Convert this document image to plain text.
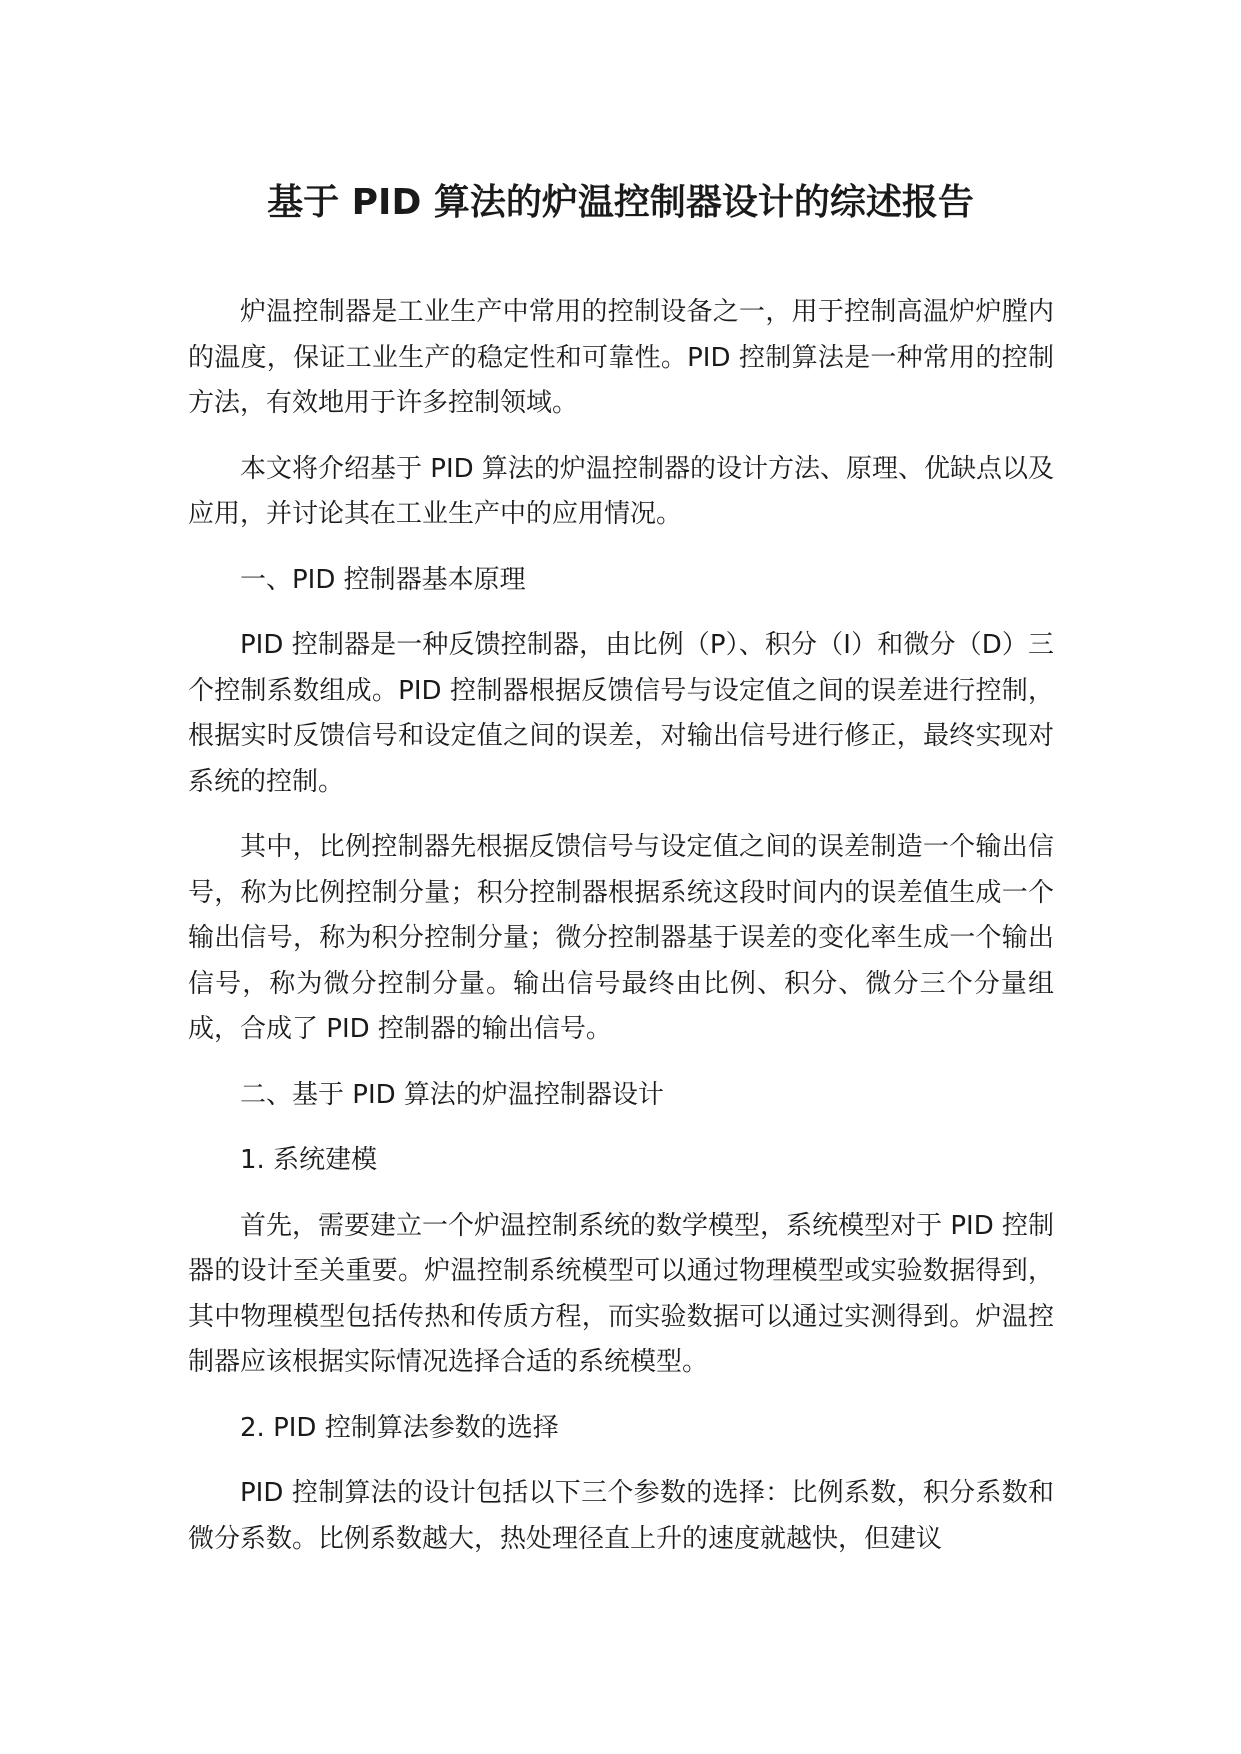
基于 PID 算法的炉温控制器设计的综述报告

炉温控制器是工业生产中常用的控制设备之一，用于控制高温炉炉膛内的温度，保证工业生产的稳定性和可靠性。PID 控制算法是一种常用的控制方法，有效地用于许多控制领域。

本文将介绍基于 PID 算法的炉温控制器的设计方法、原理、优缺点以及应用，并讨论其在工业生产中的应用情况。

一、PID 控制器基本原理

PID 控制器是一种反馈控制器，由比例（P）、积分（I）和微分（D）三个控制系数组成。PID 控制器根据反馈信号与设定值之间的误差进行控制，根据实时反馈信号和设定值之间的误差，对输出信号进行修正，最终实现对系统的控制。

其中，比例控制器先根据反馈信号与设定值之间的误差制造一个输出信号，称为比例控制分量；积分控制器根据系统这段时间内的误差值生成一个输出信号，称为积分控制分量；微分控制器基于误差的变化率生成一个输出信号，称为微分控制分量。输出信号最终由比例、积分、微分三个分量组成，合成了 PID 控制器的输出信号。

二、基于 PID 算法的炉温控制器设计

1. 系统建模

首先，需要建立一个炉温控制系统的数学模型，系统模型对于 PID 控制器的设计至关重要。炉温控制系统模型可以通过物理模型或实验数据得到，其中物理模型包括传热和传质方程，而实验数据可以通过实测得到。炉温控制器应该根据实际情况选择合适的系统模型。

2. PID 控制算法参数的选择

PID 控制算法的设计包括以下三个参数的选择：比例系数，积分系数和微分系数。比例系数越大，热处理径直上升的速度就越快，但建议
